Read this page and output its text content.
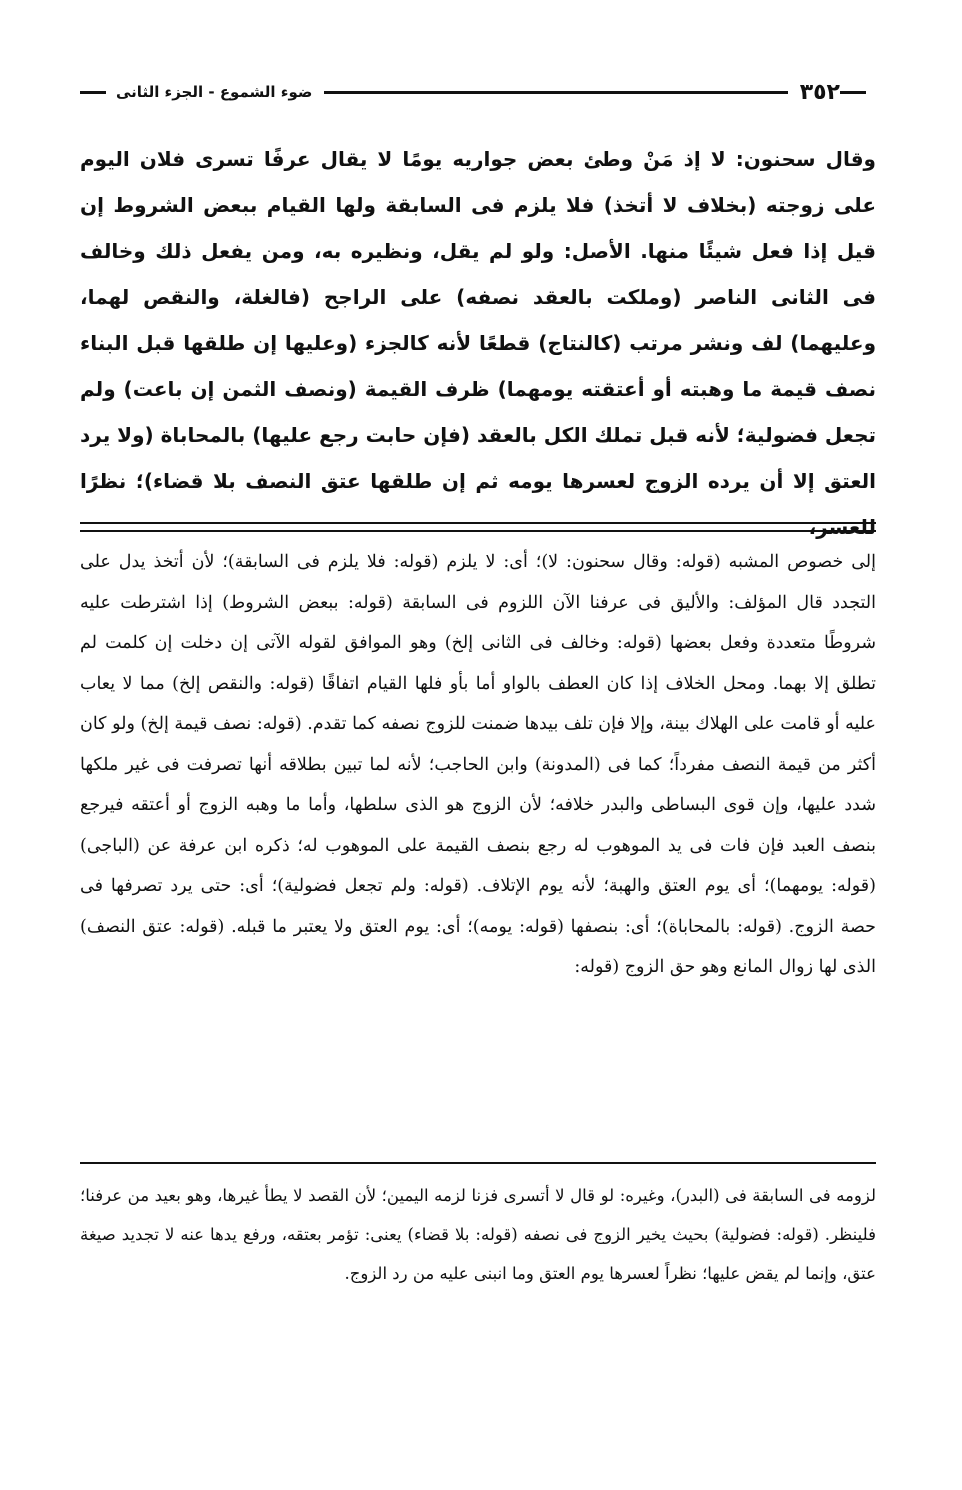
٣٥٢
ضوء الشموع - الجزء الثانى

وقال سحنون: لا إذ مَنْ وطئ بعض جواريه يومًا لا يقال عرفًا تسرى فلان اليوم على زوجته (بخلاف لا أتخذ) فلا يلزم فى السابقة ولها القيام ببعض الشروط إن قيل إذا فعل شيئًا منها. الأصل: ولو لم يقل، ونظيره به، ومن يفعل ذلك وخالف فى الثانى الناصر (وملكت بالعقد نصفه) على الراجح (فالغلة، والنقص لهما، وعليهما) لف ونشر مرتب (كالنتاج) قطعًا لأنه كالجزء (وعليها إن طلقها قبل البناء نصف قيمة ما وهبته أو أعتقته يومهما) ظرف القيمة (ونصف الثمن إن باعت) ولم تجعل فضولية؛ لأنه قبل تملك الكل بالعقد (فإن حابت رجع عليها) بالمحاباة (ولا يرد العتق إلا أن يرده الزوج لعسرها يومه ثم إن طلقها عتق النصف بلا قضاء)؛ نظرًا للعسر،

إلى خصوص المشبه (قوله: وقال سحنون: لا)؛ أى: لا يلزم (قوله: فلا يلزم فى السابقة)؛ لأن أتخذ يدل على التجدد قال المؤلف: والأليق فى عرفنا الآن اللزوم فى السابقة (قوله: ببعض الشروط) إذا اشترطت عليه شروطًا متعددة وفعل بعضها (قوله: وخالف فى الثانى إلخ) وهو الموافق لقوله الآتى إن دخلت إن كلمت لم تطلق إلا بهما. ومحل الخلاف إذا كان العطف بالواو أما بأو فلها القيام اتفاقًا (قوله: والنقص إلخ) مما لا يعاب عليه أو قامت على الهلاك بينة، وإلا فإن تلف بيدها ضمنت للزوج نصفه كما تقدم. (قوله: نصف قيمة إلخ) ولو كان أكثر من قيمة النصف مفرداً؛ كما فى (المدونة) وابن الحاجب؛ لأنه لما تبين بطلاقه أنها تصرفت فى غير ملكها شدد عليها، وإن قوى البساطى والبدر خلافه؛ لأن الزوج هو الذى سلطها، وأما ما وهبه الزوج أو أعتقه فيرجع بنصف العبد فإن فات فى يد الموهوب له رجع بنصف القيمة على الموهوب له؛ ذكره ابن عرفة عن (الباجى) (قوله: يومهما)؛ أى يوم العتق والهبة؛ لأنه يوم الإتلاف. (قوله: ولم تجعل فضولية)؛ أى: حتى يرد تصرفها فى حصة الزوج. (قوله: بالمحاباة)؛ أى: بنصفها (قوله: يومه)؛ أى: يوم العتق ولا يعتبر ما قبله. (قوله: عتق النصف) الذى لها زوال المانع وهو حق الزوج (قوله:

لزومه فى السابقة فى (البدر)، وغيره: لو قال لا أتسرى فزنا لزمه اليمين؛ لأن القصد لا يطأ غيرها، وهو بعيد من عرفنا؛ فلينظر. (قوله: فضولية) بحيث يخير الزوج فى نصفه (قوله: بلا قضاء) يعنى: تؤمر بعتقه، ورفع يدها عنه لا تجديد صيغة عتق، وإنما لم يقض عليها؛ نظراً لعسرها يوم العتق وما انبنى عليه من رد الزوج.
